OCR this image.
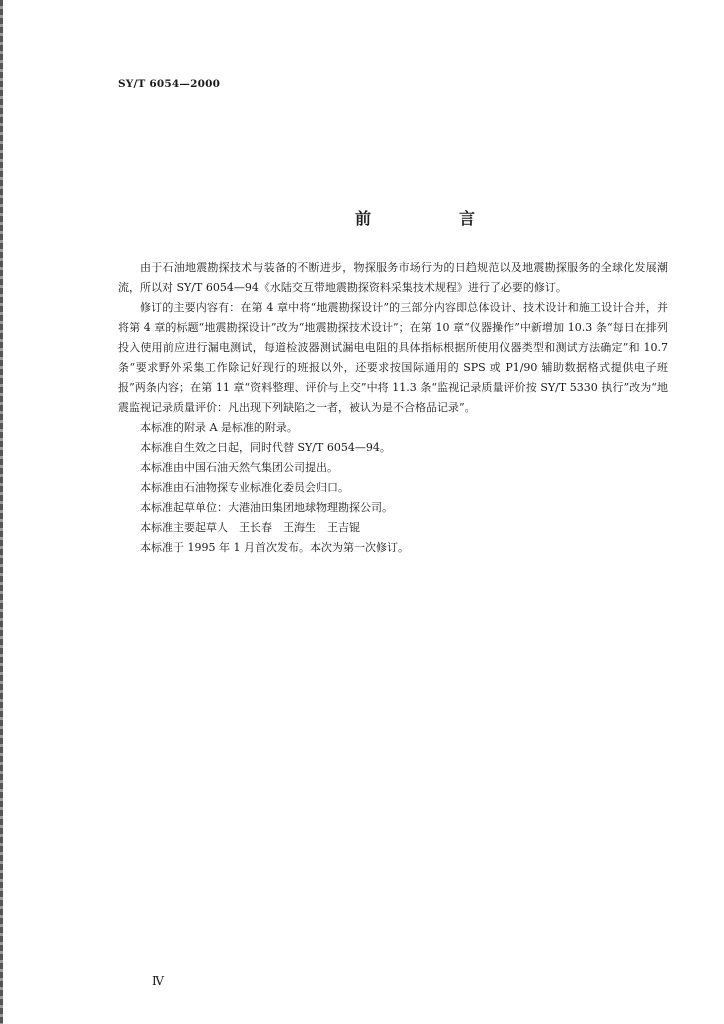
SY/T 6054—2000
前　言

由于石油地震勘探技术与装备的不断进步，物探服务市场行为的日趋规范以及地震勘探服务的全球化发展潮流，所以对 SY/T 6054—94《水陆交互带地震勘探资料采集技术规程》进行了必要的修订。

修订的主要内容有：在第 4 章中将“地震勘探设计”的三部分内容即总体设计、技术设计和施工设计合并，并将第 4 章的标题“地震勘探设计”改为“地震勘探技术设计”；在第 10 章“仪器操作”中新增加 10.3 条“每日在排列投入使用前应进行漏电测试，每道检波器测试漏电电阻的具体指标根据所使用仪器类型和测试方法确定”和 10.7 条“要求野外采集工作除记好现行的班报以外，还要求按国际通用的 SPS 或 P1/90 辅助数据格式提供电子班报”两条内容；在第 11 章“资料整理、评价与上交”中将 11.3 条“监视记录质量评价按 SY/T 5330 执行”改为“地震监视记录质量评价：凡出现下列缺陷之一者，被认为是不合格品记录”。

本标准的附录 A 是标准的附录。

本标准自生效之日起，同时代替 SY/T 6054—94。

本标准由中国石油天然气集团公司提出。

本标准由石油物探专业标准化委员会归口。

本标准起草单位：大港油田集团地球物理勘探公司。

本标准主要起草人　王长春　王海生　王吉锟

本标准于 1995 年 1 月首次发布。本次为第一次修订。

Ⅳ
